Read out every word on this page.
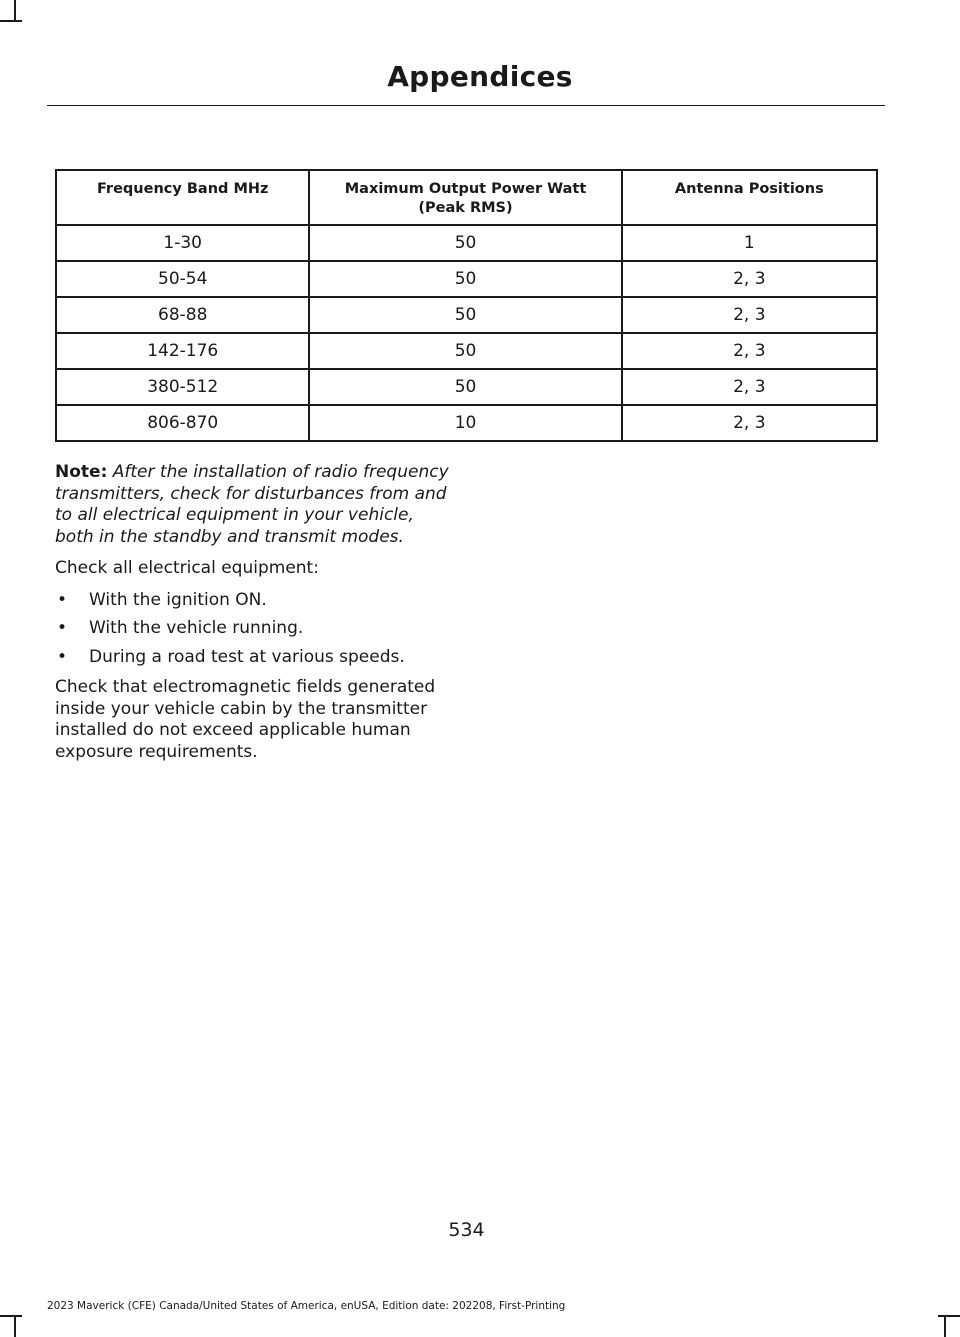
Appendices
Frequency Band MHz	Maximum Output Power Watt (Peak RMS)	Antenna Positions
1-30	50	1
50-54	50	2, 3
68-88	50	2, 3
142-176	50	2, 3
380-512	50	2, 3
806-870	10	2, 3

Note: After the installation of radio frequency transmitters, check for disturbances from and to all electrical equipment in your vehicle, both in the standby and transmit modes.

Check all electrical equipment:

• With the ignition ON.
• With the vehicle running.
• During a road test at various speeds.

Check that electromagnetic fields generated inside your vehicle cabin by the transmitter installed do not exceed applicable human exposure requirements.

534
2023 Maverick (CFE) Canada/United States of America, enUSA, Edition date: 202208, First-Printing
